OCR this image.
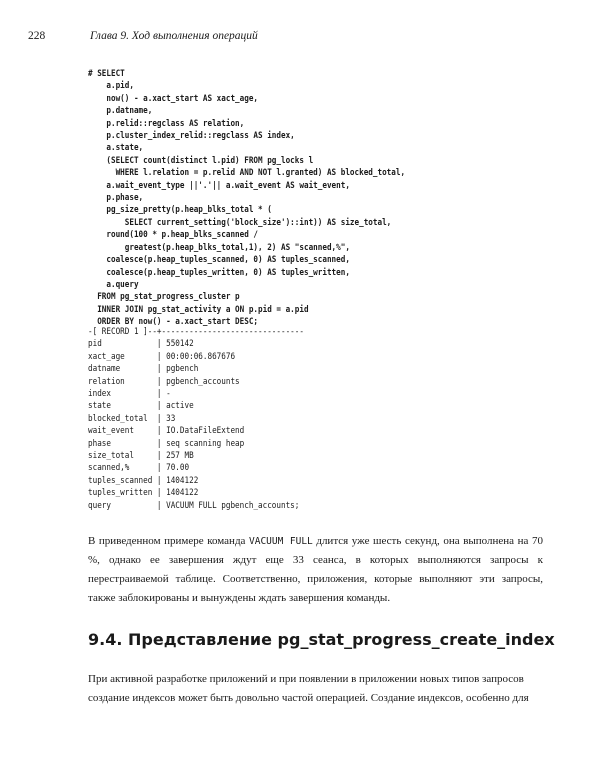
228	Глава 9. Ход выполнения операций
# SELECT
a.pid,
now() - a.xact_start AS xact_age,
p.datname,
p.relid::regclass AS relation,
p.cluster_index_relid::regclass AS index,
a.state,
(SELECT count(distinct l.pid) FROM pg_locks l
WHERE l.relation = p.relid AND NOT l.granted) AS blocked_total,
a.wait_event_type ||'.'|| a.wait_event AS wait_event,
p.phase,
pg_size_pretty(p.heap_blks_total * (
SELECT current_setting('block_size')::int)) AS size_total,
round(100 * p.heap_blks_scanned /
greatest(p.heap_blks_total,1), 2) AS "scanned,%",
coalesce(p.heap_tuples_scanned, 0) AS tuples_scanned,
coalesce(p.heap_tuples_written, 0) AS tuples_written,
a.query
FROM pg_stat_progress_cluster p
INNER JOIN pg_stat_activity a ON p.pid = a.pid
ORDER BY now() - a.xact_start DESC;
-[ RECORD 1 ]--+-------------------------------
pid            | 550142
xact_age       | 00:00:06.867676
datname        | pgbench
relation       | pgbench_accounts
index          | -
state          | active
blocked_total  | 33
wait_event     | IO.DataFileExtend
phase          | seq scanning heap
size_total     | 257 MB
scanned,%      | 70.00
tuples_scanned | 1404122
tuples_written | 1404122
query          | VACUUM FULL pgbench_accounts;

В приведенном примере команда VACUUM FULL длится уже шесть секунд, она выполнена на 70 %, однако ее завершения ждут еще 33 сеанса, в которых выполняются запросы к перестраиваемой таблице. Соответственно, приложения, которые выполняют эти запросы, также заблокированы и вынуждены ждать завершения команды.

9.4. Представление pg_stat_progress_create_index

При активной разработке приложений и при появлении в приложении новых типов запросов создание индексов может быть довольно частой операцией. Создание индексов, особенно для
